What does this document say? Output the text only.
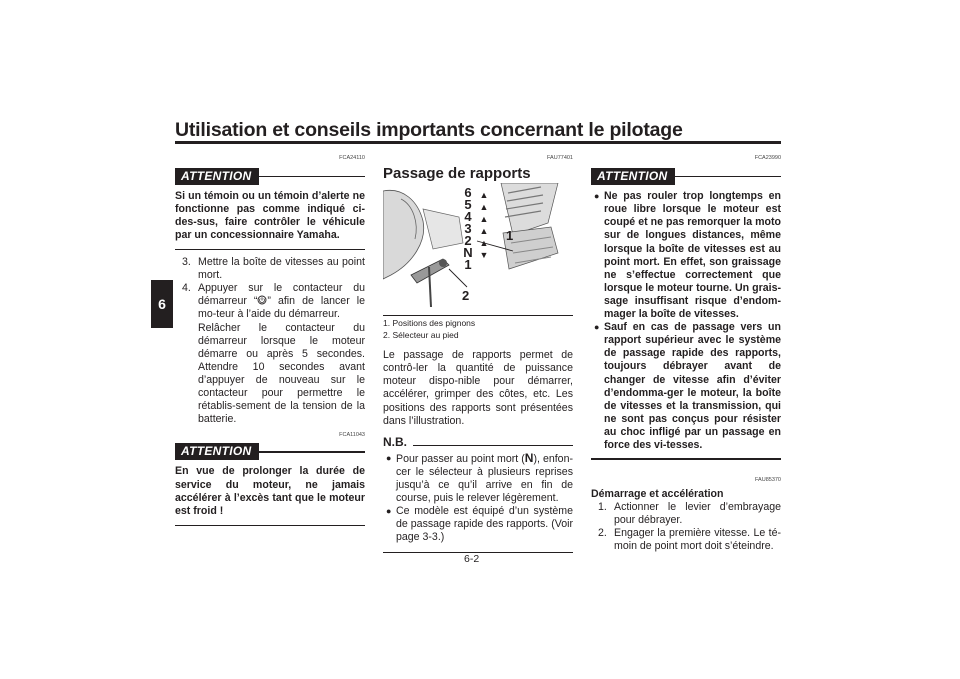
Utilisation et conseils importants concernant le pilotage
6
FCA24110
ATTENTION
Si un témoin ou un témoin d’alerte ne fonctionne pas comme indiqué ci-des-sus, faire contrôler le véhicule par un concessionnaire Yamaha.
3. Mettre la boîte de vitesses au point mort.
4. Appuyer sur le contacteur du démarreur “ ” afin de lancer le mo-teur à l’aide du démarreur.
Relâcher le contacteur du démarreur lorsque le moteur démarre ou après 5 secondes. Attendre 10 secondes avant d’appuyer de nouveau sur le contacteur pour permettre le rétablis-sement de la tension de la batterie.
FCA11043
ATTENTION
En vue de prolonger la durée de service du moteur, ne jamais accélérer à l’excès tant que le moteur est froid !
FAU77401
Passage de rapports
6
5
4
3
2
N
1
▲
▲
▲
▲
▲
▼
1
2
1. Positions des pignons
2. Sélecteur au pied
Le passage de rapports permet de contrô-ler la quantité de puissance moteur dispo-nible pour démarrer, accélérer, grimper des côtes, etc. Les positions des rapports sont présentées dans l’illustration.
N.B.
● Pour passer au point mort (N), enfon-cer le sélecteur à plusieurs reprises jusqu’à ce qu’il arrive en fin de course, puis le relever légèrement.
● Ce modèle est équipé d’un système de passage rapide des rapports. (Voir page 3-3.)
FCA23990
ATTENTION
● Ne pas rouler trop longtemps en roue libre lorsque le moteur est coupé et ne pas remorquer la moto sur de longues distances, même lorsque la boîte de vitesses est au point mort. En effet, son graissage ne s’effectue correctement que lorsque le moteur tourne. Un grais-sage insuffisant risque d’endom-mager la boîte de vitesses.
● Sauf en cas de passage vers un rapport supérieur avec le système de passage rapide des rapports, toujours débrayer avant de changer de vitesse afin d’éviter d’endomma-ger le moteur, la boîte de vitesses et la transmission, qui ne sont pas conçus pour résister au choc infligé par un passage en force des vi-tesses.
FAU85370
Démarrage et accélération
1. Actionner le levier d’embrayage pour débrayer.
2. Engager la première vitesse. Le té-moin de point mort doit s’éteindre.
6-2
